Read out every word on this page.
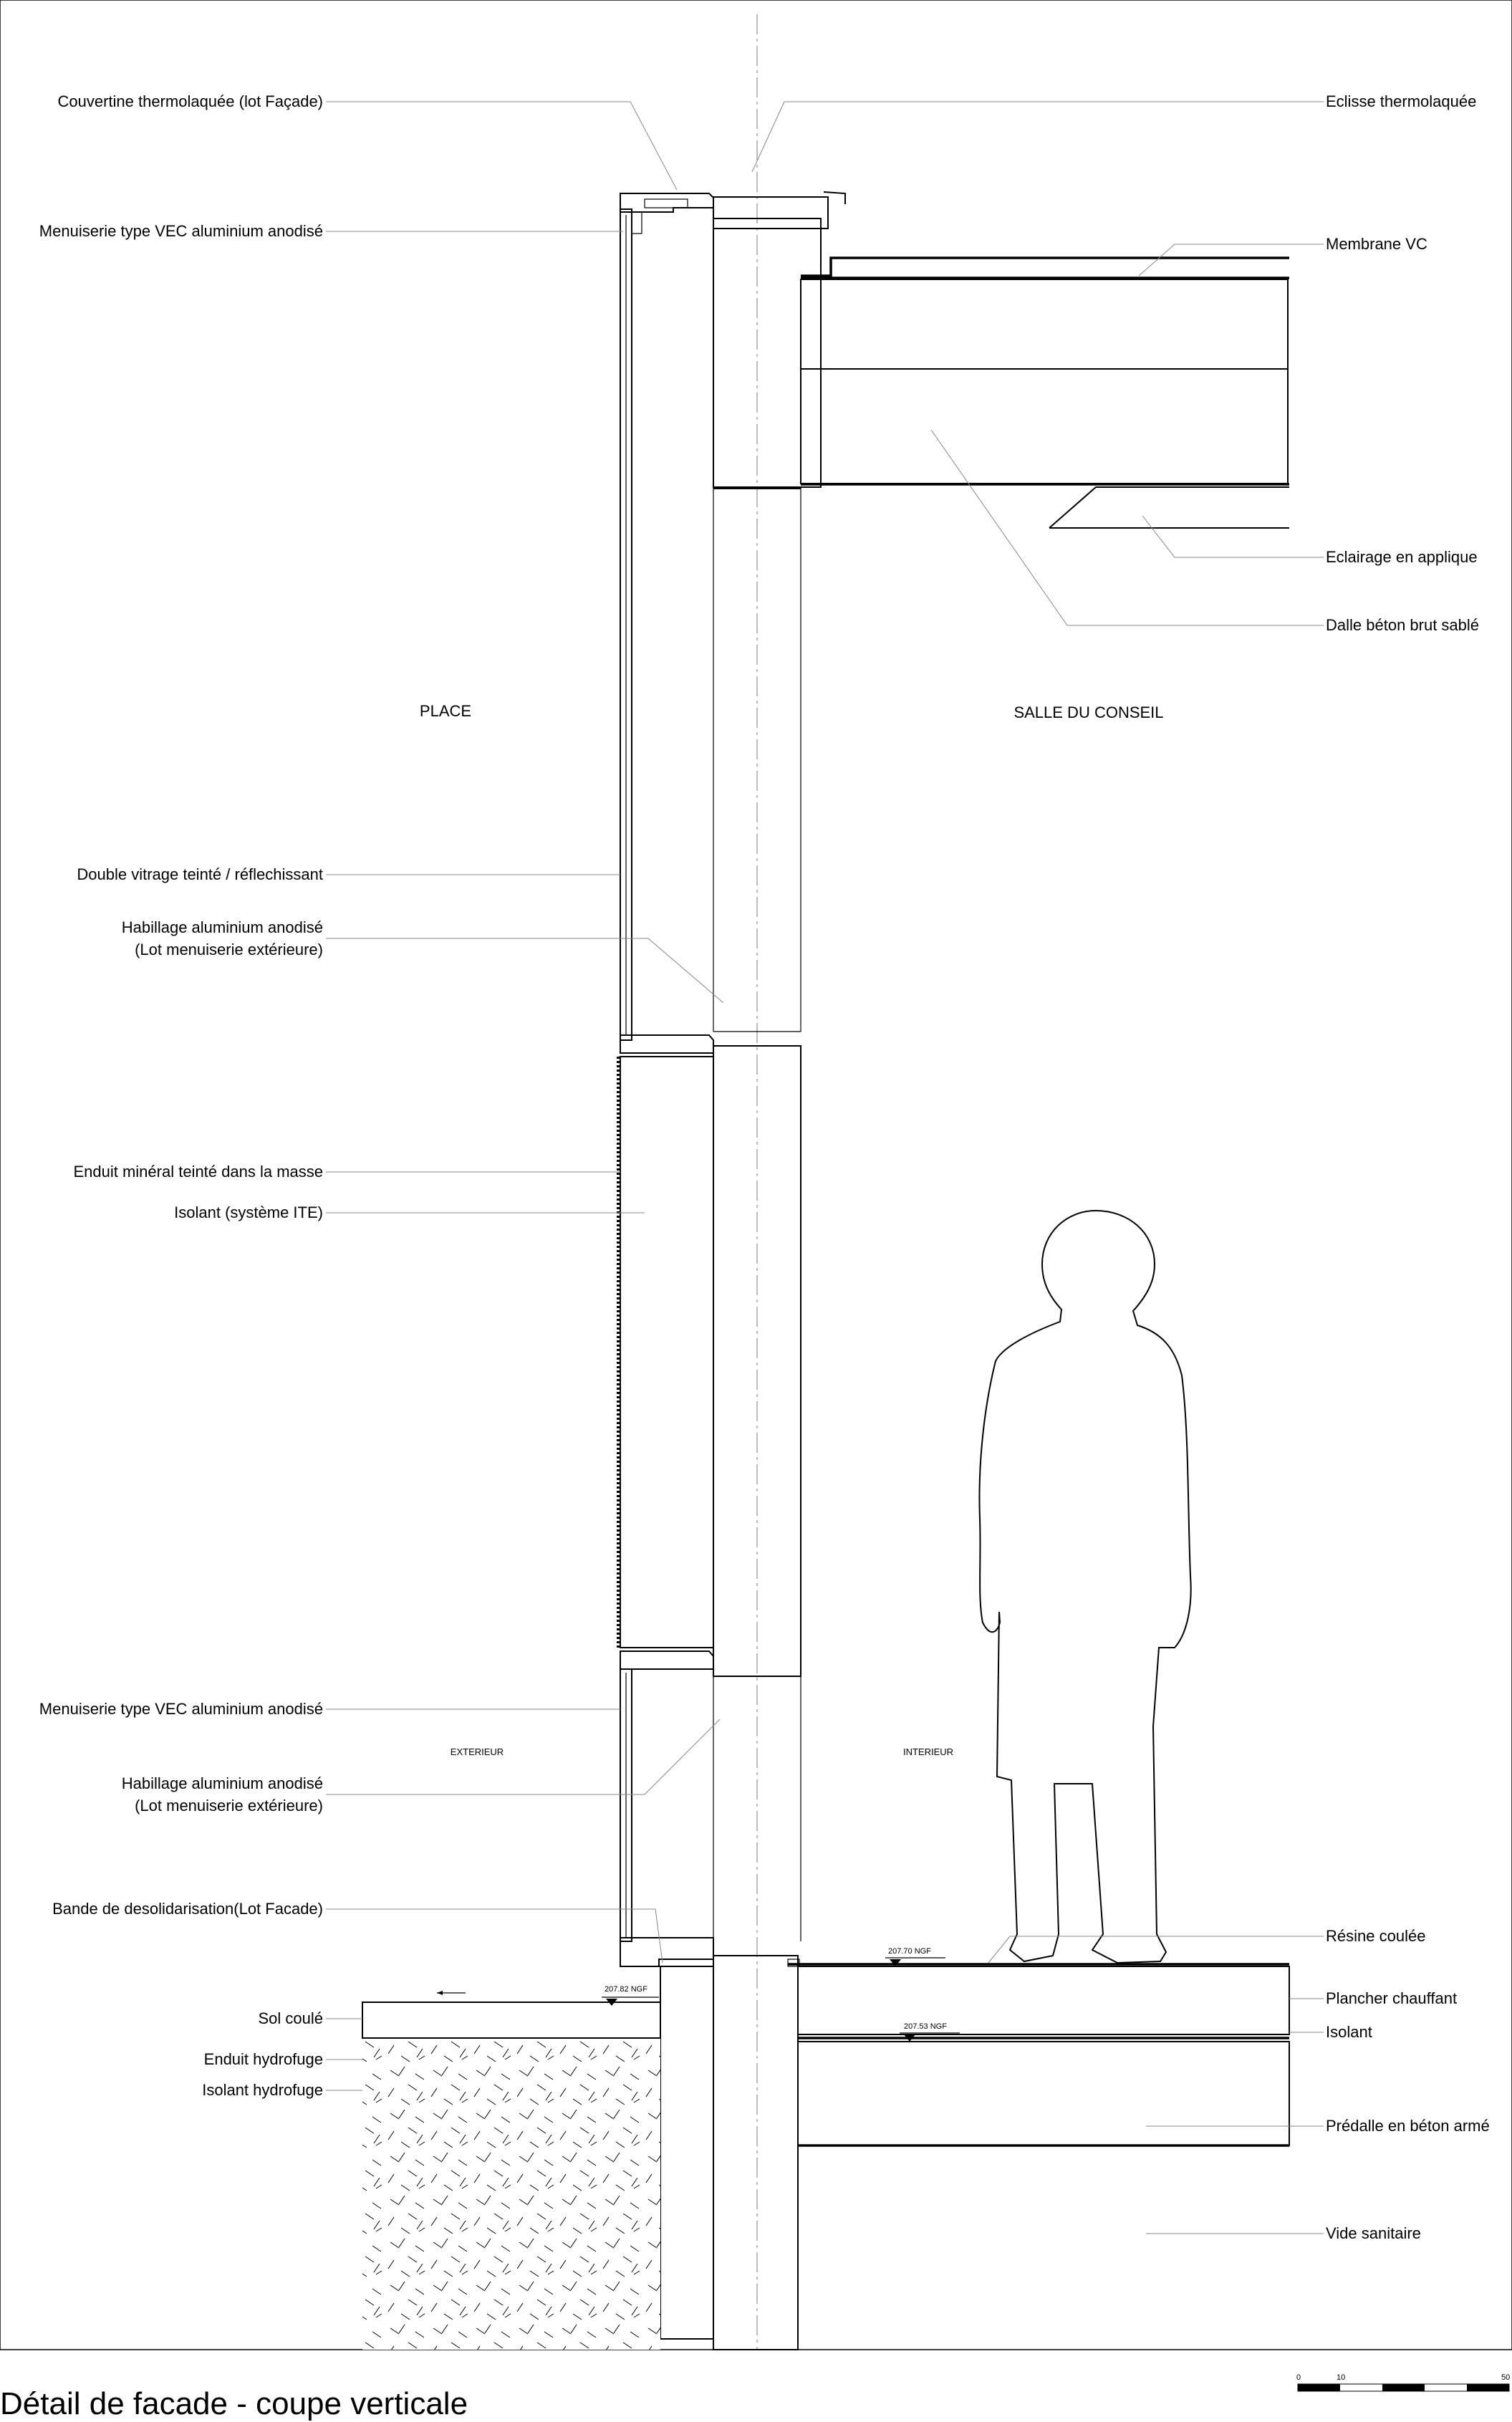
207.82 NGF
207.70 NGF
207.53 NGF
PLACE	SALLE DU CONSEIL
EXTERIEUR	INTERIEUR
Couvertine thermolaquée (lot Façade)
Menuiserie type VEC aluminium anodisé
Double vitrage teinté / réflechissant
Habillage aluminium anodisé
(Lot menuiserie extérieure)
Enduit minéral teinté dans la masse
Isolant (système ITE)
Menuiserie type VEC aluminium anodisé
Habillage aluminium anodisé
(Lot menuiserie extérieure)
Bande de desolidarisation(Lot Facade)
Sol coulé
Enduit hydrofuge
Isolant hydrofuge
Eclisse thermolaquée
Membrane VC
Eclairage en applique
Dalle béton brut sablé
Résine coulée
Plancher chauffant
Isolant
Prédalle en béton armé
Vide sanitaire
Détail de facade - coupe verticale
0	10	50
